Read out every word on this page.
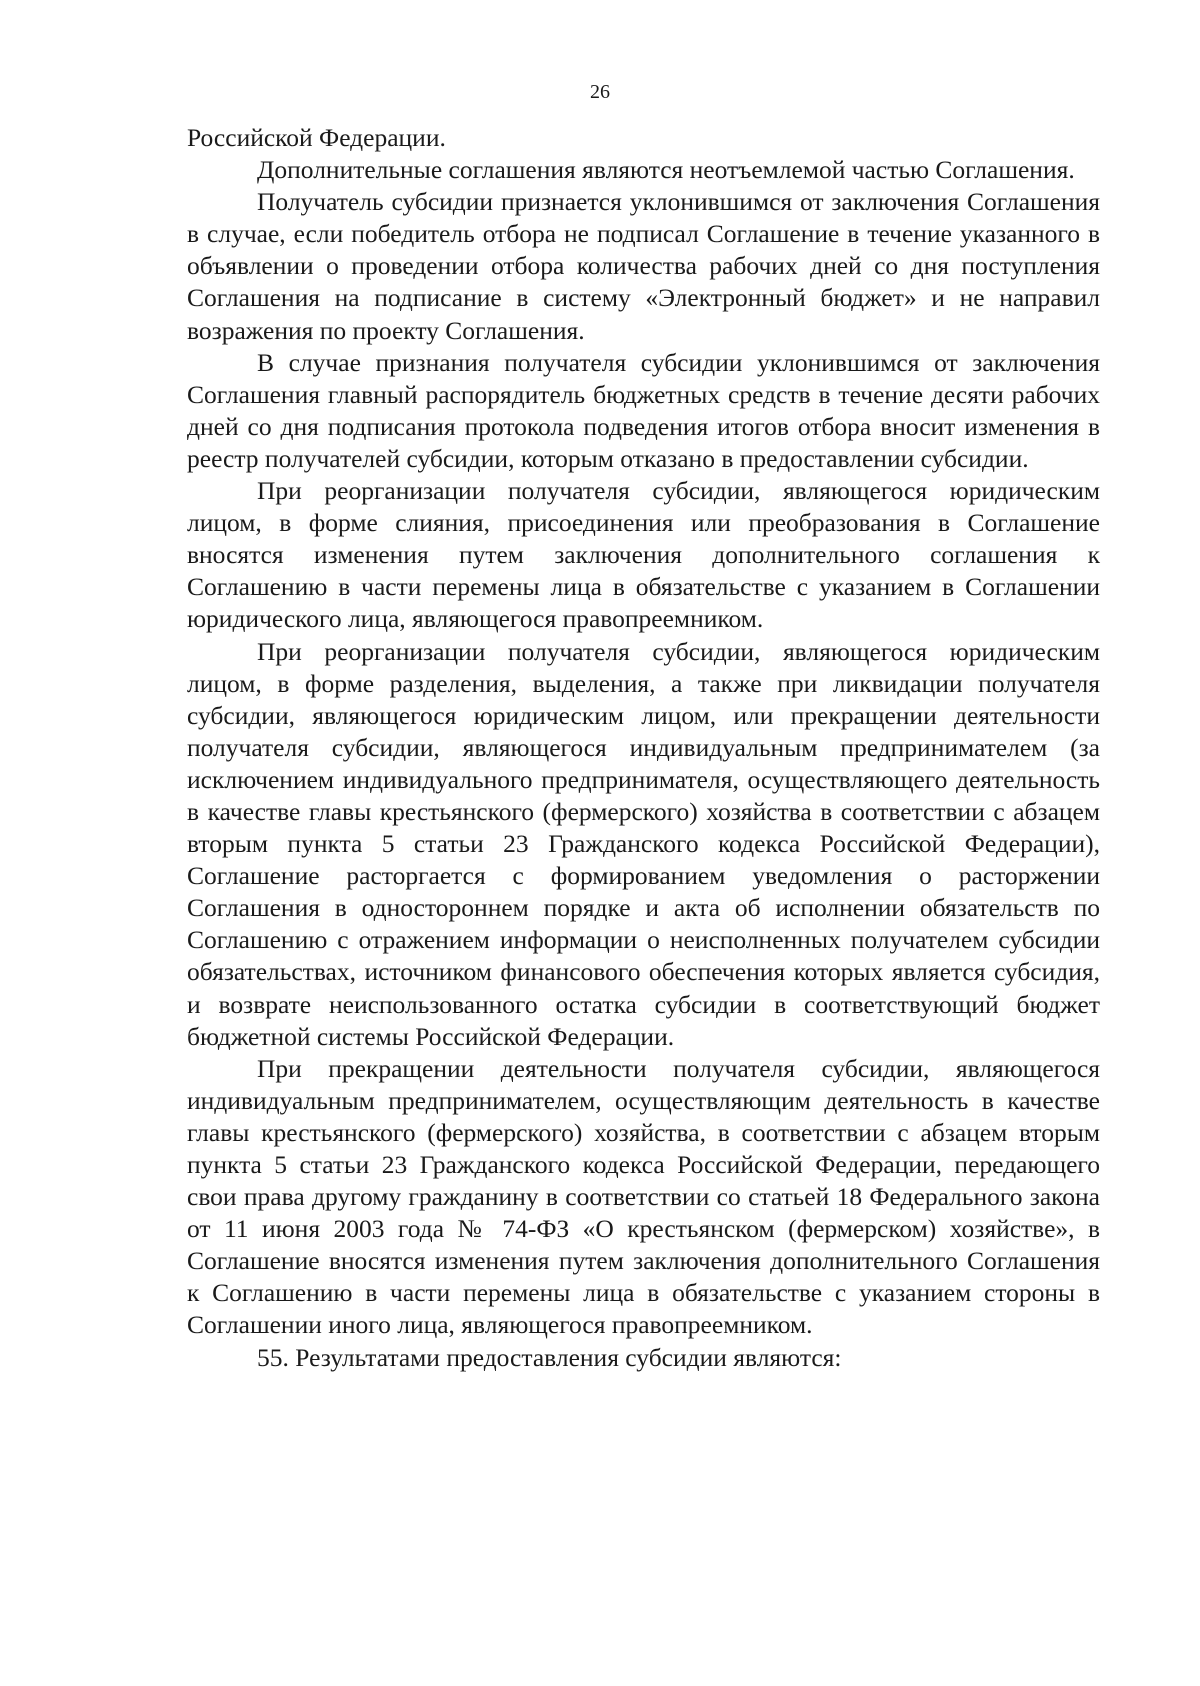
26

Российской Федерации.

Дополнительные соглашения являются неотъемлемой частью Соглашения.

Получатель субсидии признается уклонившимся от заключения Соглашения в случае, если победитель отбора не подписал Соглашение в течение указанного в объявлении о проведении отбора количества рабочих дней со дня поступления Соглашения на подписание в систему «Электронный бюджет» и не направил возражения по проекту Соглашения.

В случае признания получателя субсидии уклонившимся от заключения Соглашения главный распорядитель бюджетных средств в течение десяти рабочих дней со дня подписания протокола подведения итогов отбора вносит изменения в реестр получателей субсидии, которым отказано в предоставлении субсидии.

При реорганизации получателя субсидии, являющегося юридическим лицом, в форме слияния, присоединения или преобразования в Соглашение вносятся изменения путем заключения дополнительного соглашения к Соглашению в части перемены лица в обязательстве с указанием в Соглашении юридического лица, являющегося правопреемником.

При реорганизации получателя субсидии, являющегося юридическим лицом, в форме разделения, выделения, а также при ликвидации получателя субсидии, являющегося юридическим лицом, или прекращении деятельности получателя субсидии, являющегося индивидуальным предпринимателем (за исключением индивидуального предпринимателя, осуществляющего деятельность в качестве главы крестьянского (фермерского) хозяйства в соответствии с абзацем вторым пункта 5 статьи 23 Гражданского кодекса Российской Федерации), Соглашение расторгается с формированием уведомления о расторжении Соглашения в одностороннем порядке и акта об исполнении обязательств по Соглашению с отражением информации о неисполненных получателем субсидии обязательствах, источником финансового обеспечения которых является субсидия, и возврате неиспользованного остатка субсидии в соответствующий бюджет бюджетной системы Российской Федерации.

При прекращении деятельности получателя субсидии, являющегося индивидуальным предпринимателем, осуществляющим деятельность в качестве главы крестьянского (фермерского) хозяйства, в соответствии с абзацем вторым пункта 5 статьи 23 Гражданского кодекса Российской Федерации, передающего свои права другому гражданину в соответствии со статьей 18 Федерального закона от 11 июня 2003 года № 74-ФЗ «О крестьянском (фермерском) хозяйстве», в Соглашение вносятся изменения путем заключения дополнительного Соглашения к Соглашению в части перемены лица в обязательстве с указанием стороны в Соглашении иного лица, являющегося правопреемником.

55. Результатами предоставления субсидии являются:
